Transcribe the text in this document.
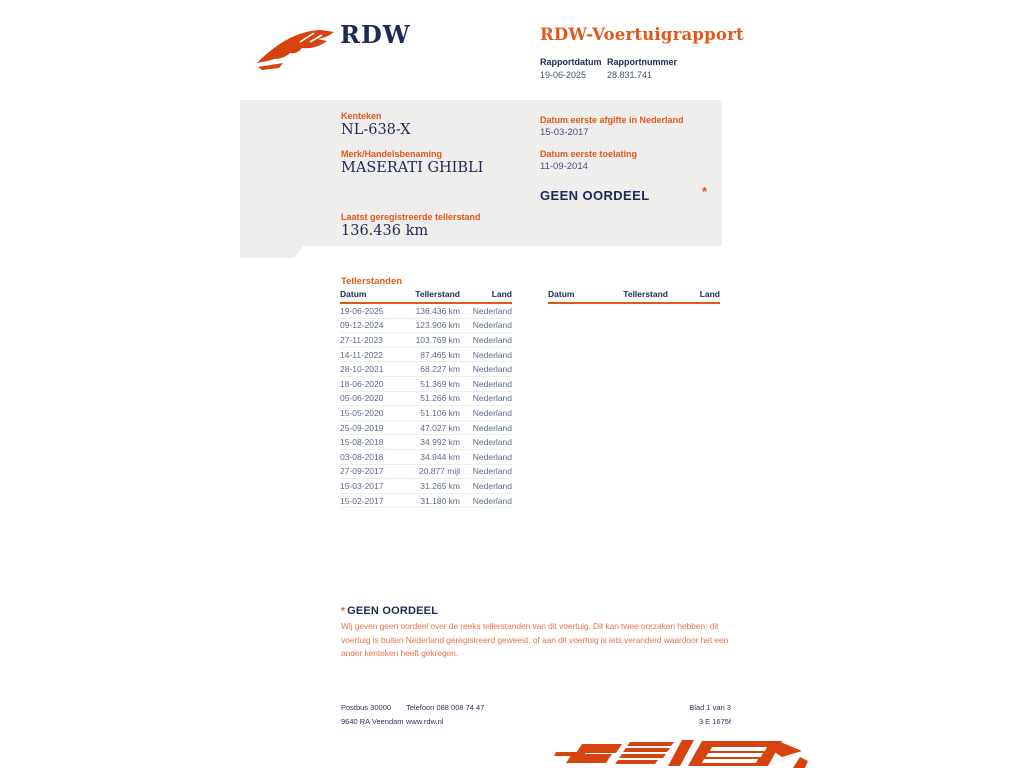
RDW	RDW-Voertuigrapport
Rapportdatum
19-06-2025
Rapportnummer
28.831.741
Kenteken
NL-638-X
Merk/Handelsbenaming
MASERATI GHIBLI
Laatst geregistreerde tellerstand
136.436 km
Datum eerste afgifte in Nederland
15-03-2017
Datum eerste toelating
11-09-2014
GEEN OORDEEL	*
Tellerstanden
Datum	Tellerstand	Land
19-06-2025	136.436 km	Nederland
09-12-2024	123.906 km	Nederland
27-11-2023	103.769 km	Nederland
14-11-2022	87.465 km	Nederland
28-10-2021	68.227 km	Nederland
18-06-2020	51.369 km	Nederland
05-06-2020	51.266 km	Nederland
15-05-2020	51.106 km	Nederland
25-09-2019	47.027 km	Nederland
15-08-2018	34.992 km	Nederland
03-08-2018	34.944 km	Nederland
27-09-2017	20.877 mijl	Nederland
15-03-2017	31.265 km	Nederland
15-02-2017	31.180 km	Nederland
Datum	Tellerstand	Land
* GEEN OORDEEL

Wij geven geen oordeel over de reeks tellerstanden van dit voertuig. Dit kan twee oorzaken hebben: dit voertuig is buiten Nederland geregistreerd geweest, of aan dit voertuig is iets veranderd waardoor het een ander kenteken heeft gekregen.

Postbus 30000
9640 RA Veendam
Telefoon 088 008 74 47
www.rdw.nl
Blad 1 van 3
3 E 1675f
